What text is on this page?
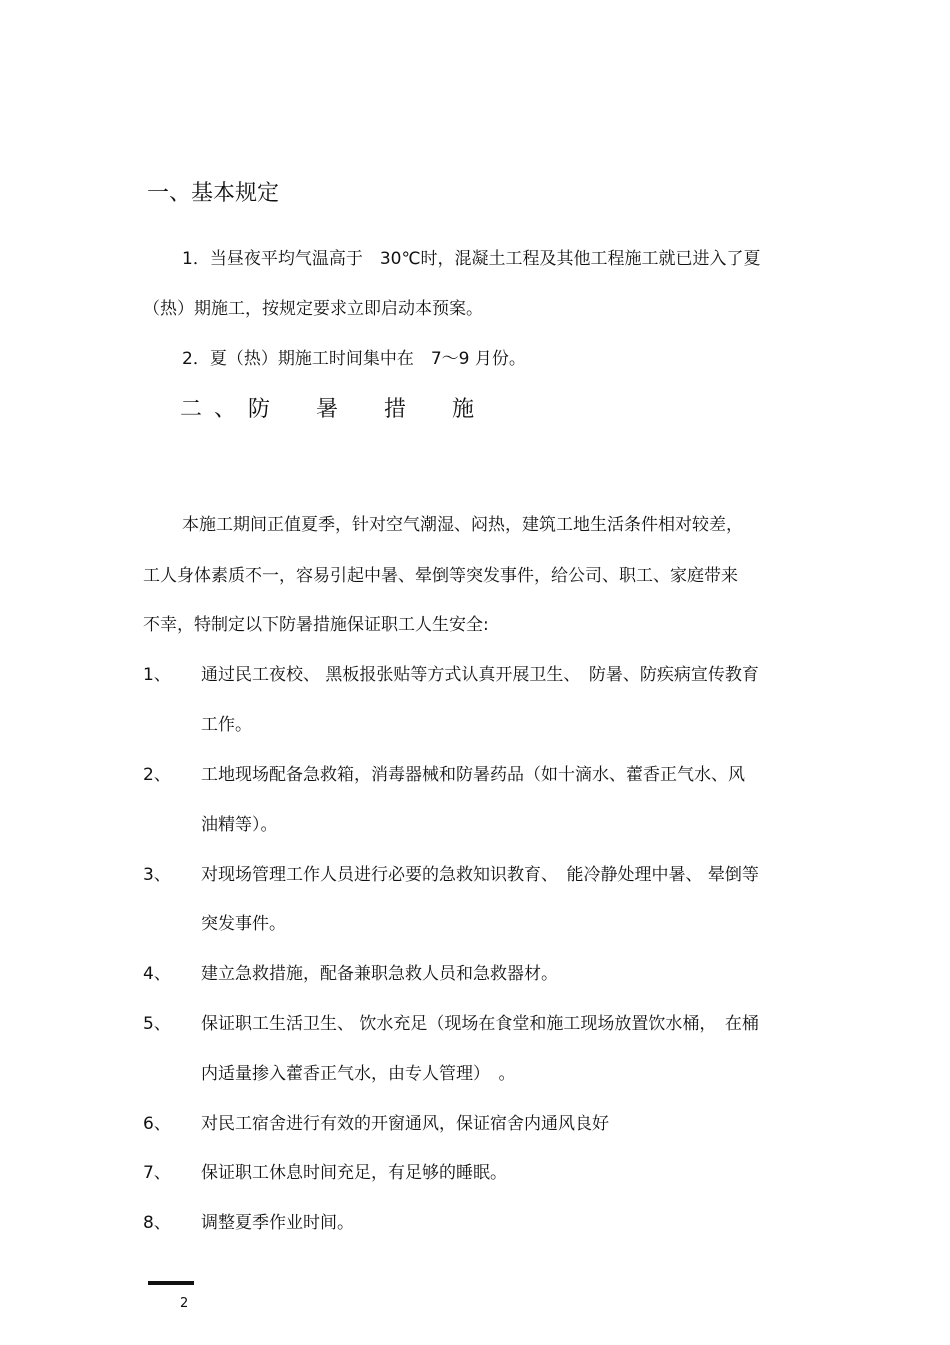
一、基本规定
1．当昼夜平均气温高于　30℃时，混凝土工程及其他工程施工就已进入了夏
（热）期施工，按规定要求立即启动本预案。
2．夏（热）期施工时间集中在　7～9 月份。
二、防　暑　措　施
本施工期间正值夏季，针对空气潮湿、闷热，建筑工地生活条件相对较差，
工人身体素质不一，容易引起中暑、晕倒等突发事件，给公司、职工、家庭带来
不幸，特制定以下防暑措施保证职工人生安全:
1、 通过民工夜校、 黑板报张贴等方式认真开展卫生、　防暑、防疾病宣传教育
工作。
2、 工地现场配备急救箱，消毒器械和防暑药品（如十滴水、藿香正气水、风
油精等）。
3、 对现场管理工作人员进行必要的急救知识教育、　能冷静处理中暑、 晕倒等
突发事件。
4、 建立急救措施，配备兼职急救人员和急救器材。
5、 保证职工生活卫生、 饮水充足（现场在食堂和施工现场放置饮水桶，　在桶
内适量掺入藿香正气水，由专人管理）　。
6、 对民工宿舍进行有效的开窗通风，保证宿舍内通风良好
7、 保证职工休息时间充足，有足够的睡眠。
8、 调整夏季作业时间。
2
